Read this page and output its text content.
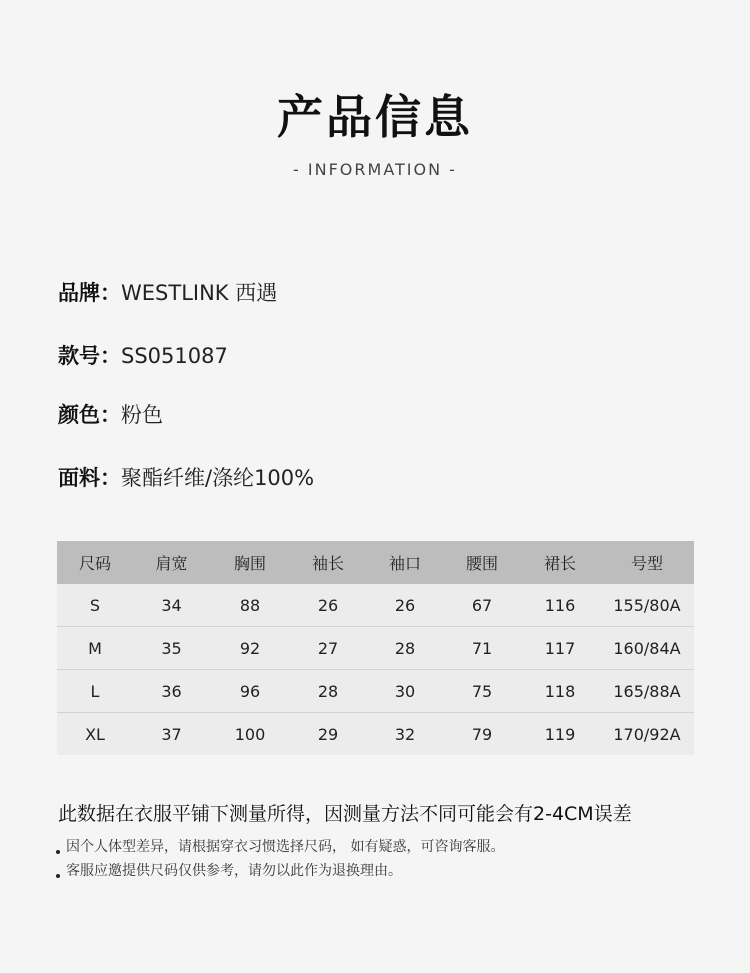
产品信息
- INFORMATION -
品牌：WESTLINK 西遇
款号：SS051087
颜色：粉色
面料：聚酯纤维/涤纶100%
尺码	肩宽	胸围	袖长	袖口	腰围	裙长	号型
S	34	88	26	26	67	116	155/80A
M	35	92	27	28	71	117	160/84A
L	36	96	28	30	75	118	165/88A
XL	37	100	29	32	79	119	170/92A
此数据在衣服平铺下测量所得，因测量方法不同可能会有2-4CM误差
因个人体型差异，请根据穿衣习惯选择尺码， 如有疑惑，可咨询客服。
客服应邀提供尺码仅供参考，请勿以此作为退换理由。
